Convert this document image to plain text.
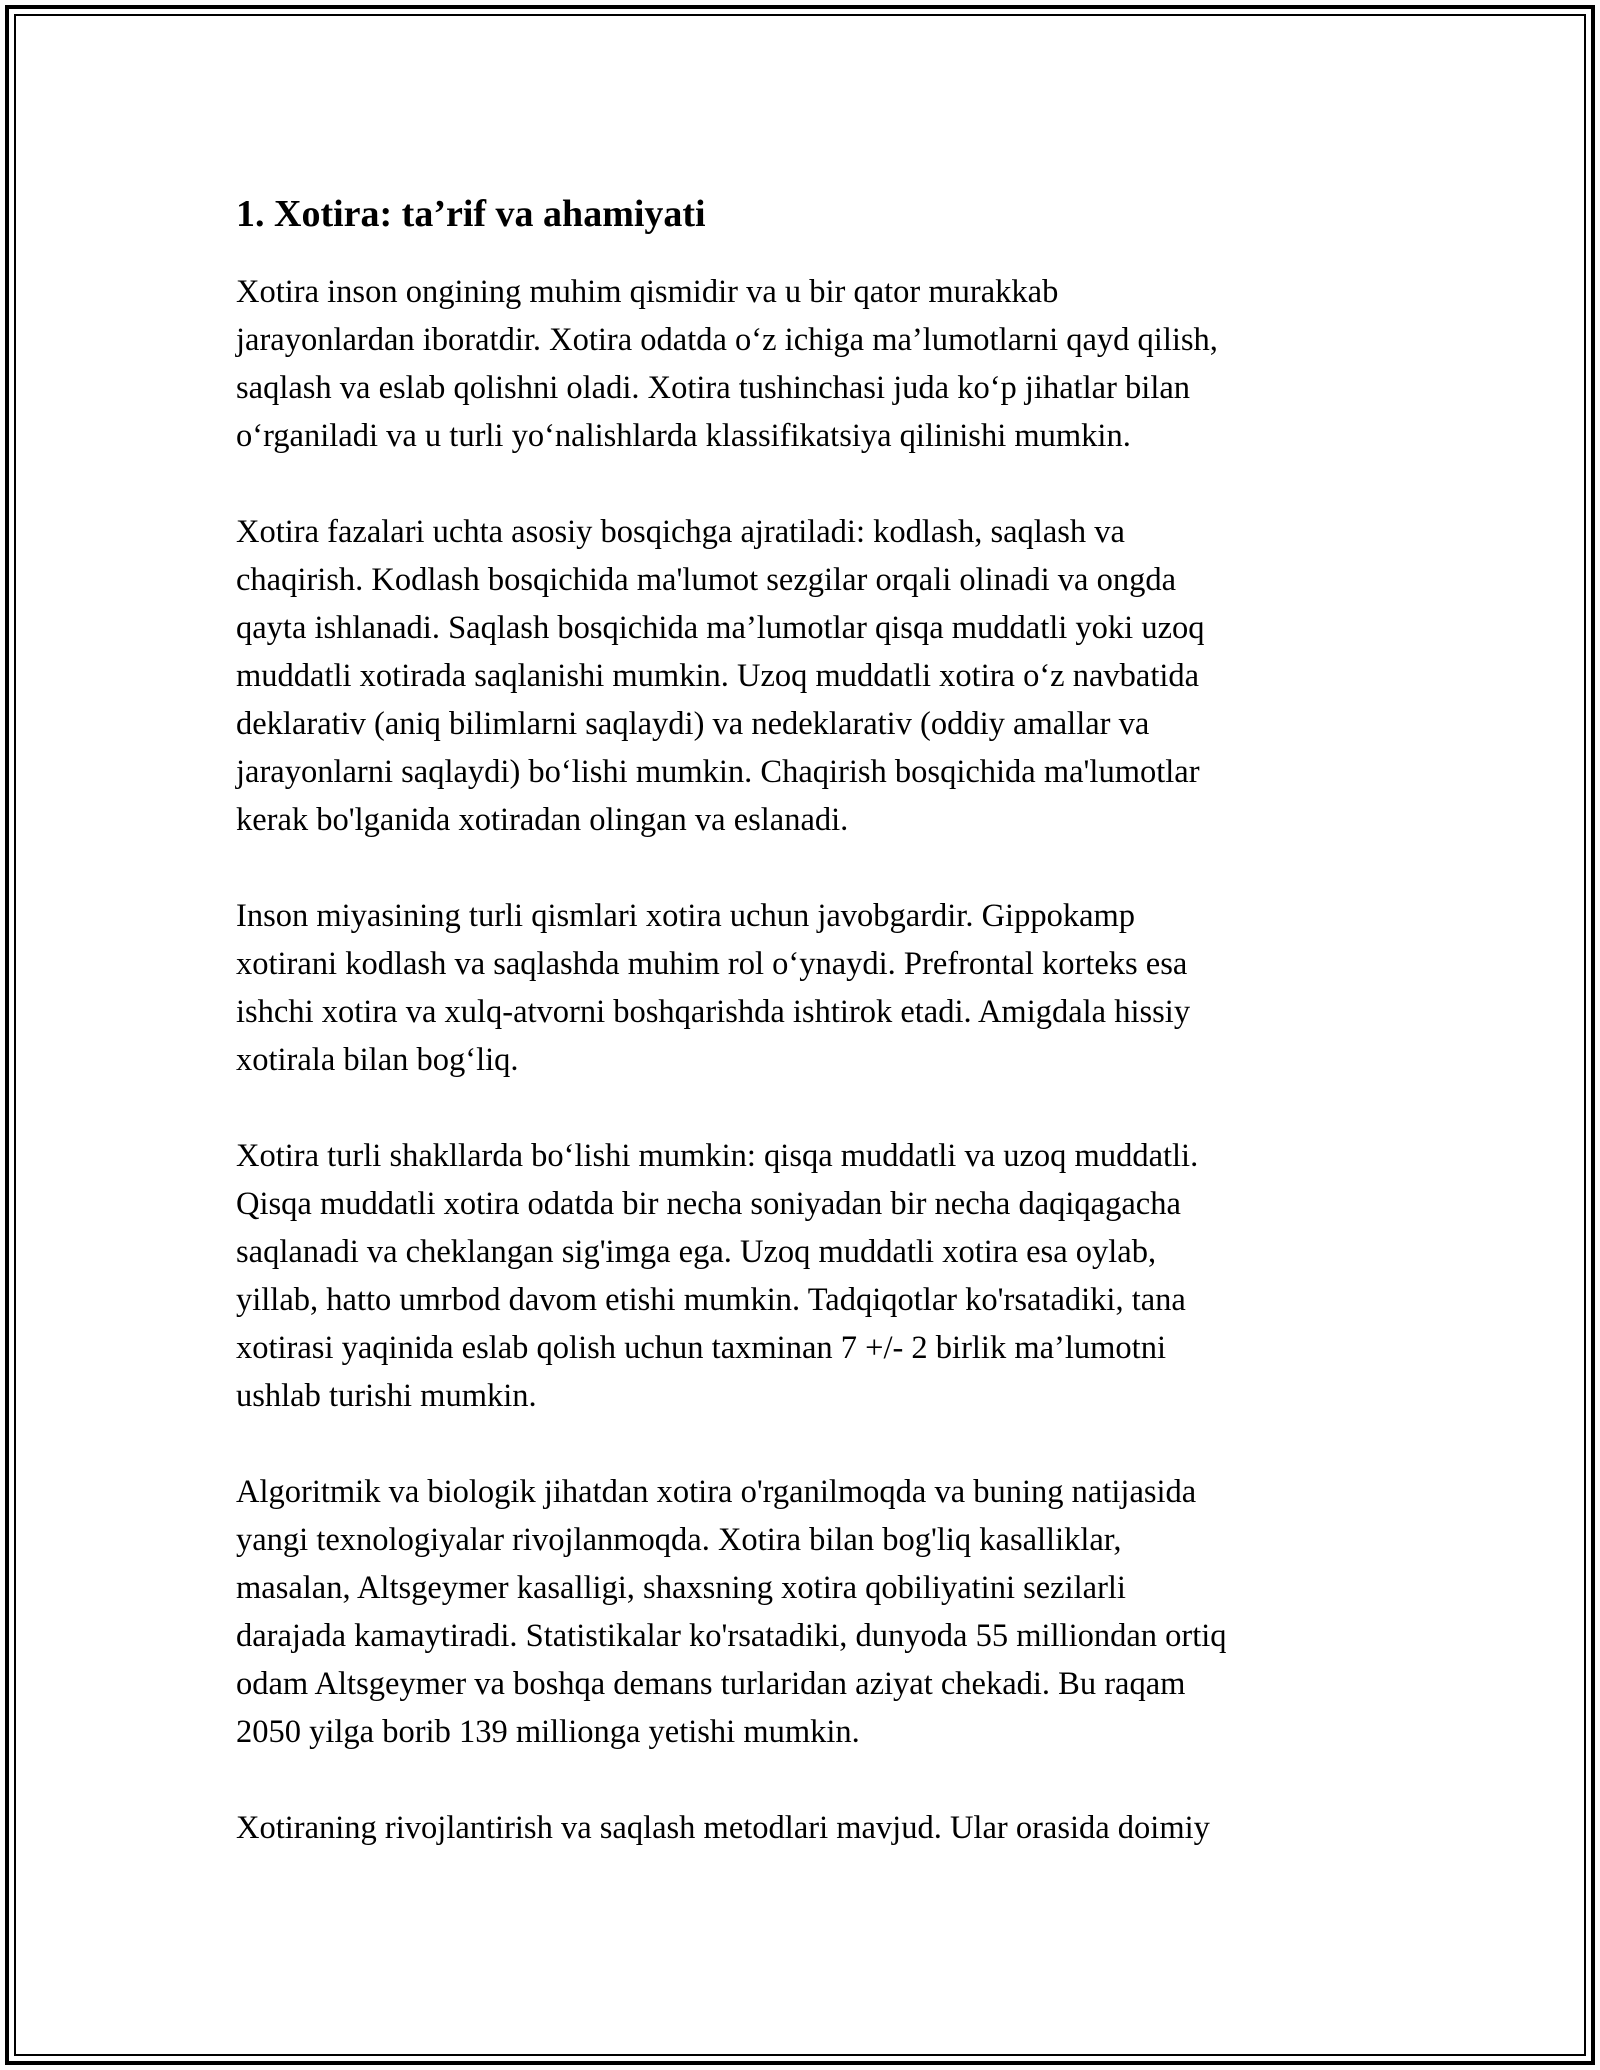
1. Xotira: ta’rif va ahamiyati

Xotira inson ongining muhim qismidir va u bir qator murakkab
jarayonlardan iboratdir. Xotira odatda o‘z ichiga ma’lumotlarni qayd qilish,
saqlash va eslab qolishni oladi. Xotira tushinchasi juda ko‘p jihatlar bilan
o‘rganiladi va u turli yo‘nalishlarda klassifikatsiya qilinishi mumkin.

Xotira fazalari uchta asosiy bosqichga ajratiladi: kodlash, saqlash va
chaqirish. Kodlash bosqichida ma'lumot sezgilar orqali olinadi va ongda
qayta ishlanadi. Saqlash bosqichida ma’lumotlar qisqa muddatli yoki uzoq
muddatli xotirada saqlanishi mumkin. Uzoq muddatli xotira o‘z navbatida
deklarativ (aniq bilimlarni saqlaydi) va nedeklarativ (oddiy amallar va
jarayonlarni saqlaydi) bo‘lishi mumkin. Chaqirish bosqichida ma'lumotlar
kerak bo'lganida xotiradan olingan va eslanadi.

Inson miyasining turli qismlari xotira uchun javobgardir. Gippokamp
xotirani kodlash va saqlashda muhim rol o‘ynaydi. Prefrontal korteks esa
ishchi xotira va xulq-atvorni boshqarishda ishtirok etadi. Amigdala hissiy
xotirala bilan bog‘liq.

Xotira turli shakllarda bo‘lishi mumkin: qisqa muddatli va uzoq muddatli.
Qisqa muddatli xotira odatda bir necha soniyadan bir necha daqiqagacha
saqlanadi va cheklangan sig'imga ega. Uzoq muddatli xotira esa oylab,
yillab, hatto umrbod davom etishi mumkin. Tadqiqotlar ko'rsatadiki, tana
xotirasi yaqinida eslab qolish uchun taxminan 7 +/- 2 birlik ma’lumotni
ushlab turishi mumkin.

Algoritmik va biologik jihatdan xotira o'rganilmoqda va buning natijasida
yangi texnologiyalar rivojlanmoqda. Xotira bilan bog'liq kasalliklar,
masalan, Altsgeymer kasalligi, shaxsning xotira qobiliyatini sezilarli
darajada kamaytiradi. Statistikalar ko'rsatadiki, dunyoda 55 milliondan ortiq
odam Altsgeymer va boshqa demans turlaridan aziyat chekadi. Bu raqam
2050 yilga borib 139 millionga yetishi mumkin.

Xotiraning rivojlantirish va saqlash metodlari mavjud. Ular orasida doimiy
